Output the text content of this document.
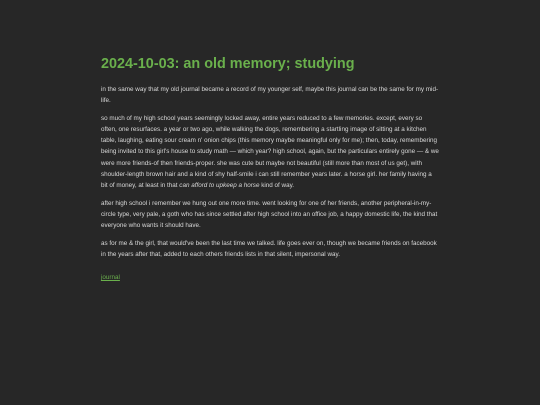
2024-10-03: an old memory; studying

in the same way that my old journal became a record of my younger self, maybe this journal can be the same for my mid-life.

so much of my high school years seemingly locked away, entire years reduced to a few memories. except, every so often, one resurfaces. a year or two ago, while walking the dogs, remembering a startling image of sitting at a kitchen table, laughing, eating sour cream n' onion chips (this memory maybe meaningful only for me); then, today, remembering being invited to this girl's house to study math — which year? high school, again, but the particulars entirely gone — & we were more friends-of then friends-proper. she was cute but maybe not beautiful (still more than most of us get), with shoulder-length brown hair and a kind of shy half-smile i can still remember years later. a horse girl. her family having a bit of money, at least in that can afford to upkeep a horse kind of way.

after high school i remember we hung out one more time. went looking for one of her friends, another peripheral-in-my-circle type, very pale, a goth who has since settled after high school into an office job, a happy domestic life, the kind that everyone who wants it should have.

as for me & the girl, that would've been the last time we talked. life goes ever on, though we became friends on facebook in the years after that, added to each others friends lists in that silent, impersonal way.

journal
